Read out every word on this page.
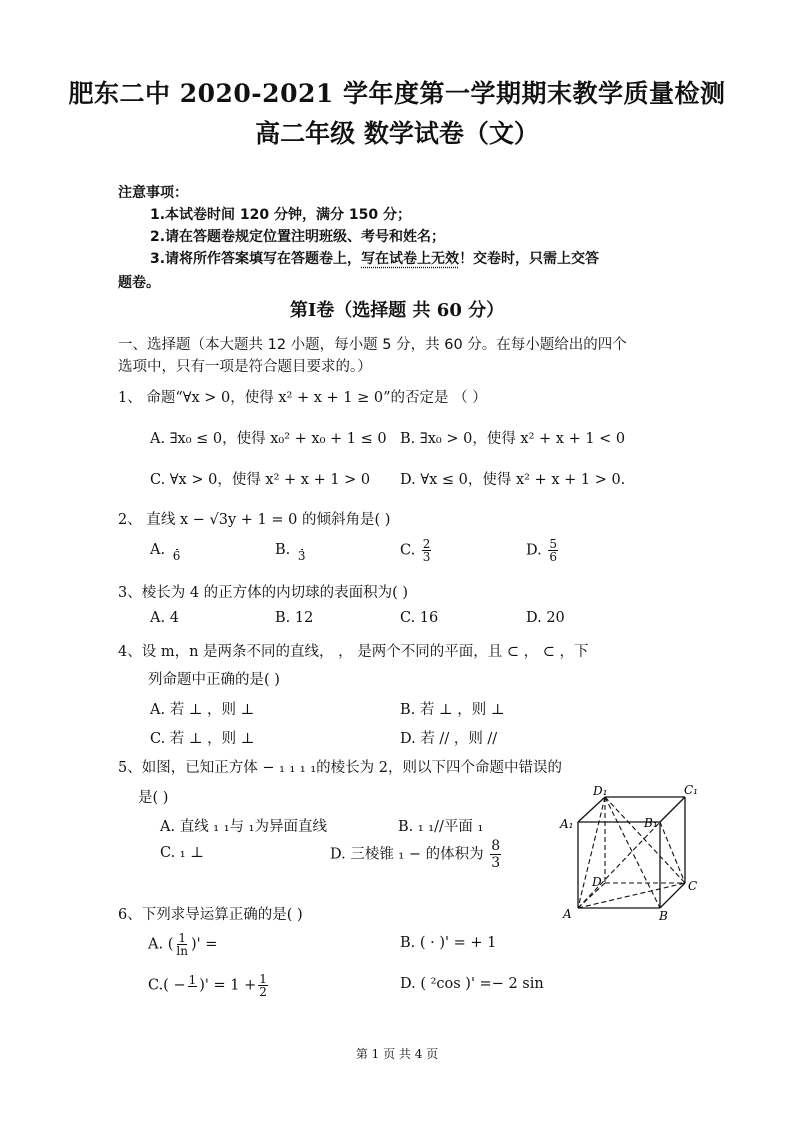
肥东二中 2020-2021 学年度第一学期期末教学质量检测
高二年级 数学试卷（文）
注意事项：
1.本试卷时间 120 分钟，满分 150 分；
2.请在答题卷规定位置注明班级、考号和姓名；
3.请将所作答案填写在答题卷上，写在试卷上无效！交卷时，只需上交答
题卷。
第Ⅰ卷（选择题 共 60 分）
一、选择题（本大题共 12 小题，每小题 5 分，共 60 分。在每小题给出的四个
选项中，只有一项是符合题目要求的。）
1、 命题“∀x > 0，使得 x² + x + 1 ≥ 0”的否定是 （ ）
A. ∃x₀ ≤ 0，使得 x₀² + x₀ + 1 ≤ 0 B. ∃x₀ > 0，使得 x² + x + 1 < 0
C. ∀x > 0，使得 x² + x + 1 > 0 D. ∀x ≤ 0，使得 x² + x + 1 > 0.
2、 直线 x − √3y + 1 = 0 的倾斜角是( )
A. 6	B. 3	C. $\frac{2}{3}$	D. $\frac{5}{6}$
3、棱长为 4 的正方体的内切球的表面积为( )
A. 4	B. 12	C. 16	D. 20
4、设 m，n 是两条不同的直线， ， 是两个不同的平面，且 ⊂ ， ⊂ ，下
列命题中正确的是( )
A. 若 ⊥ ，则 ⊥	B. 若 ⊥ ，则 ⊥
C. 若 ⊥ ，则 ⊥	D. 若 // ，则 //
5、如图，已知正方体 − ₁ ₁ ₁ ₁的棱长为 2，则以下四个命题中错误的
是( )
A. 直线 ₁ ₁与 ₁为异面直线	B. ₁ ₁//平面 ₁
C. ₁ ⊥	D. 三棱锥 ₁ − 的体积为 $\frac{8}{3}$
D₁	C₁
A₁	B₁
D	C
A	B
6、下列求导运算正确的是( )
A. ( $\frac{1}{\ln}$ )' =	B. ( · )' = + 1
C.( − 1 )' = $1 + \frac{1}{2}$	D. ( ²cos )' =− 2 sin
第 1 页 共 4 页
